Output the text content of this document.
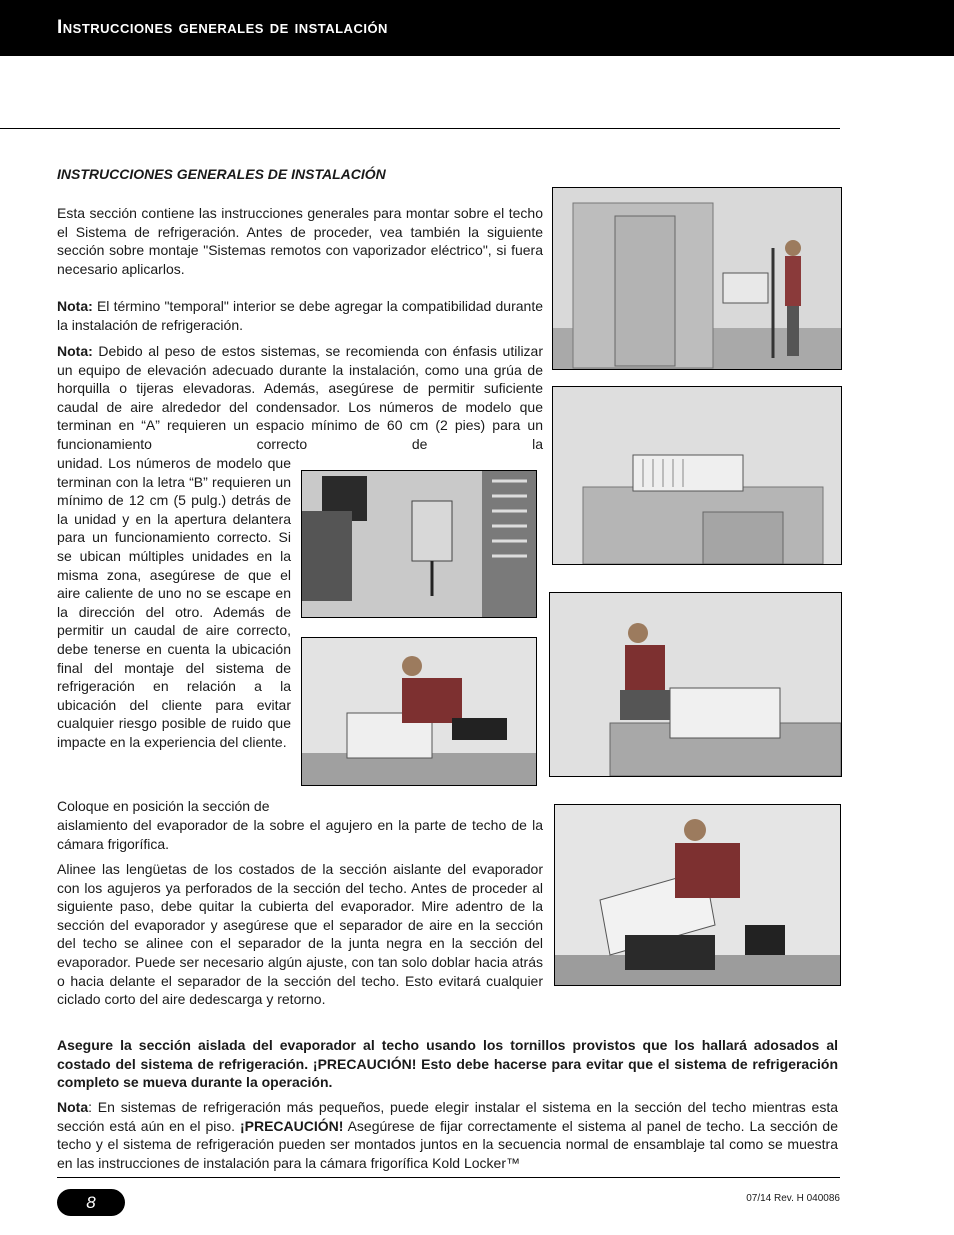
Instrucciones generales de instalación
INSTRUCCIONES GENERALES DE INSTALACIÓN

Esta sección contiene las instrucciones generales para montar sobre el techo el Sistema de refrigeración. Antes de proceder, vea también la siguiente sección sobre montaje "Sistemas remotos con vaporizador eléctrico", si fuera necesario aplicarlos.

Nota: El término "temporal" interior se debe agregar la compatibilidad durante la instalación de refrigeración.

Nota: Debido al peso de estos sistemas, se recomienda con énfasis utilizar un equipo de elevación adecuado durante la instalación, como una grúa de horquilla o tijeras elevadoras. Además, asegúrese de permitir suficiente caudal de aire alrededor del condensador. Los números de modelo que terminan en “A” requieren un espacio mínimo de 60 cm (2 pies) para un funcionamiento correcto de la

unidad. Los números de modelo que terminan con la letra “B” requieren un mínimo de 12 cm (5 pulg.) detrás de la unidad y en la apertura delantera para un funcionamiento correcto. Si se ubican múltiples unidades en la misma zona, asegúrese de que el aire caliente de uno no se escape en la dirección del otro. Además de permitir un caudal de aire correcto, debe tenerse en cuenta la ubicación final del montaje del sistema de refrigeración en relación a la ubicación del cliente para evitar cualquier riesgo posible de ruido que impacte en la experiencia del cliente.

Coloque en posición la sección de

aislamiento del evaporador de la sobre el agujero en la parte de techo de la cámara frigorífica.

Alinee las lengüetas de los costados de la sección aislante del evaporador con los agujeros ya perforados de la sección del techo. Antes de proceder al siguiente paso, debe quitar la cubierta del evaporador. Mire adentro de la sección del evaporador y asegúrese que el separador de aire en la sección del techo se alinee con el separador de la junta negra en la sección del evaporador. Puede ser necesario algún ajuste, con tan solo doblar hacia atrás o hacia delante el separador de la sección del techo. Esto evitará cualquier ciclado corto del aire dedescarga y retorno.

Asegure la sección aislada del evaporador al techo usando los tornillos provistos que los hallará adosados al costado del sistema de refrigeración. ¡PRECAUCIÓN! Esto debe hacerse para evitar que el sistema de refrigeración completo se mueva durante la operación.

Nota: En sistemas de refrigeración más pequeños, puede elegir instalar el sistema en la sección del techo mientras esta sección está aún en el piso. ¡PRECAUCIÓN! Asegúrese de fijar correctamente el sistema al panel de techo. La sección de techo y el sistema de refrigeración pueden ser montados juntos en la secuencia normal de ensamblaje tal como se muestra en las instrucciones de instalación para la cámara frigorífica Kold Locker™

8	07/14 Rev. H 040086
